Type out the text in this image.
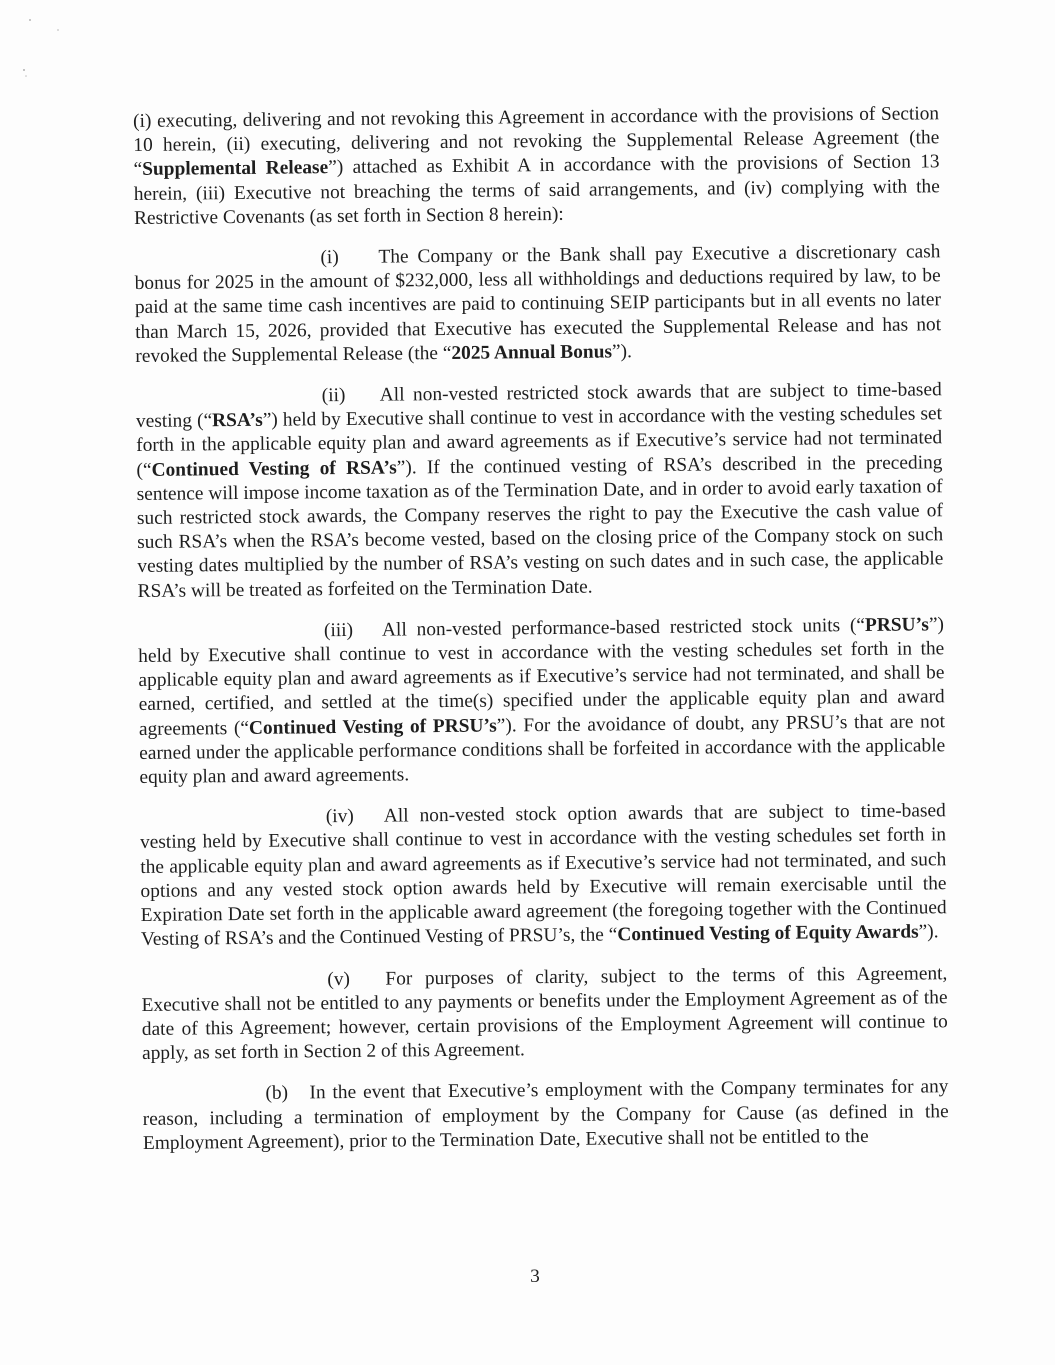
(i) executing, delivering and not revoking this Agreement in accordance with the provisions of Section 10 herein, (ii) executing, delivering and not revoking the Supplemental Release Agreement (the “Supplemental Release”) attached as Exhibit A in accordance with the provisions of Section 13 herein, (iii) Executive not breaching the terms of said arrangements, and (iv) complying with the Restrictive Covenants (as set forth in Section 8 herein):

(i) The Company or the Bank shall pay Executive a discretionary cash bonus for 2025 in the amount of $232,000, less all withholdings and deductions required by law, to be paid at the same time cash incentives are paid to continuing SEIP participants but in all events no later than March 15, 2026, provided that Executive has executed the Supplemental Release and has not revoked the Supplemental Release (the “2025 Annual Bonus”).

(ii) All non-vested restricted stock awards that are subject to time-based vesting (“RSA’s”) held by Executive shall continue to vest in accordance with the vesting schedules set forth in the applicable equity plan and award agreements as if Executive’s service had not terminated (“Continued Vesting of RSA’s”). If the continued vesting of RSA’s described in the preceding sentence will impose income taxation as of the Termination Date, and in order to avoid early taxation of such restricted stock awards, the Company reserves the right to pay the Executive the cash value of such RSA’s when the RSA’s become vested, based on the closing price of the Company stock on such vesting dates multiplied by the number of RSA’s vesting on such dates and in such case, the applicable RSA’s will be treated as forfeited on the Termination Date.

(iii) All non-vested performance-based restricted stock units (“PRSU’s”) held by Executive shall continue to vest in accordance with the vesting schedules set forth in the applicable equity plan and award agreements as if Executive’s service had not terminated, and shall be earned, certified, and settled at the time(s) specified under the applicable equity plan and award agreements (“Continued Vesting of PRSU’s”). For the avoidance of doubt, any PRSU’s that are not earned under the applicable performance conditions shall be forfeited in accordance with the applicable equity plan and award agreements.

(iv) All non-vested stock option awards that are subject to time-based vesting held by Executive shall continue to vest in accordance with the vesting schedules set forth in the applicable equity plan and award agreements as if Executive’s service had not terminated, and such options and any vested stock option awards held by Executive will remain exercisable until the Expiration Date set forth in the applicable award agreement (the foregoing together with the Continued Vesting of RSA’s and the Continued Vesting of PRSU’s, the “Continued Vesting of Equity Awards”).

(v) For purposes of clarity, subject to the terms of this Agreement, Executive shall not be entitled to any payments or benefits under the Employment Agreement as of the date of this Agreement; however, certain provisions of the Employment Agreement will continue to apply, as set forth in Section 2 of this Agreement.

(b) In the event that Executive’s employment with the Company terminates for any reason, including a termination of employment by the Company for Cause (as defined in the Employment Agreement), prior to the Termination Date, Executive shall not be entitled to the

3
